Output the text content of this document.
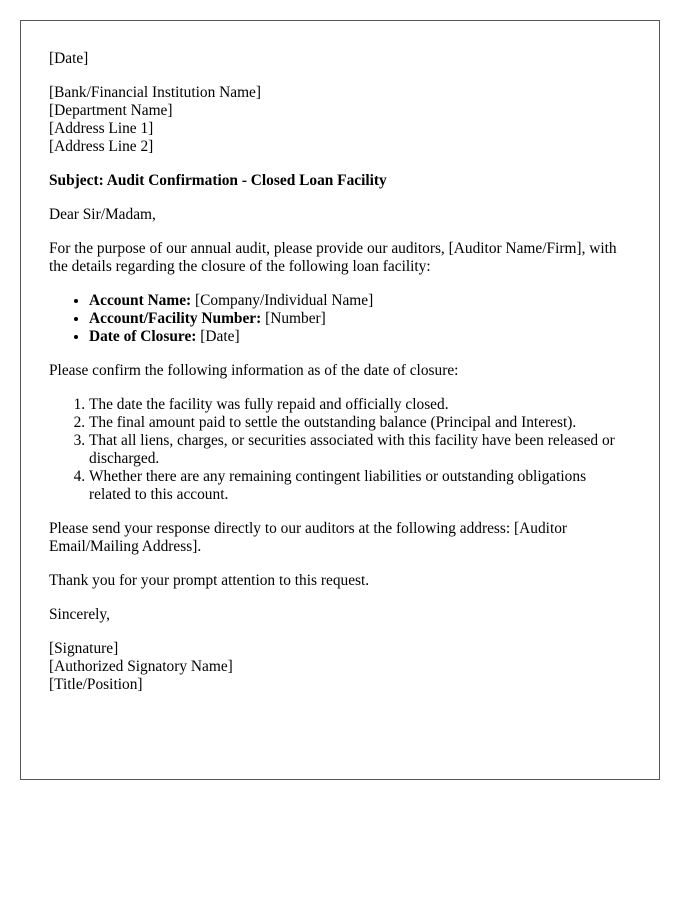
[Date]

[Bank/Financial Institution Name]
[Department Name]
[Address Line 1]
[Address Line 2]

Subject: Audit Confirmation - Closed Loan Facility

Dear Sir/Madam,

For the purpose of our annual audit, please provide our auditors, [Auditor Name/Firm], with the details regarding the closure of the following loan facility:

• Account Name: [Company/Individual Name]
• Account/Facility Number: [Number]
• Date of Closure: [Date]

Please confirm the following information as of the date of closure:

1. The date the facility was fully repaid and officially closed.
2. The final amount paid to settle the outstanding balance (Principal and Interest).
3. That all liens, charges, or securities associated with this facility have been released or discharged.
4. Whether there are any remaining contingent liabilities or outstanding obligations related to this account.

Please send your response directly to our auditors at the following address: [Auditor Email/Mailing Address].

Thank you for your prompt attention to this request.

Sincerely,

[Signature]
[Authorized Signatory Name]
[Title/Position]
